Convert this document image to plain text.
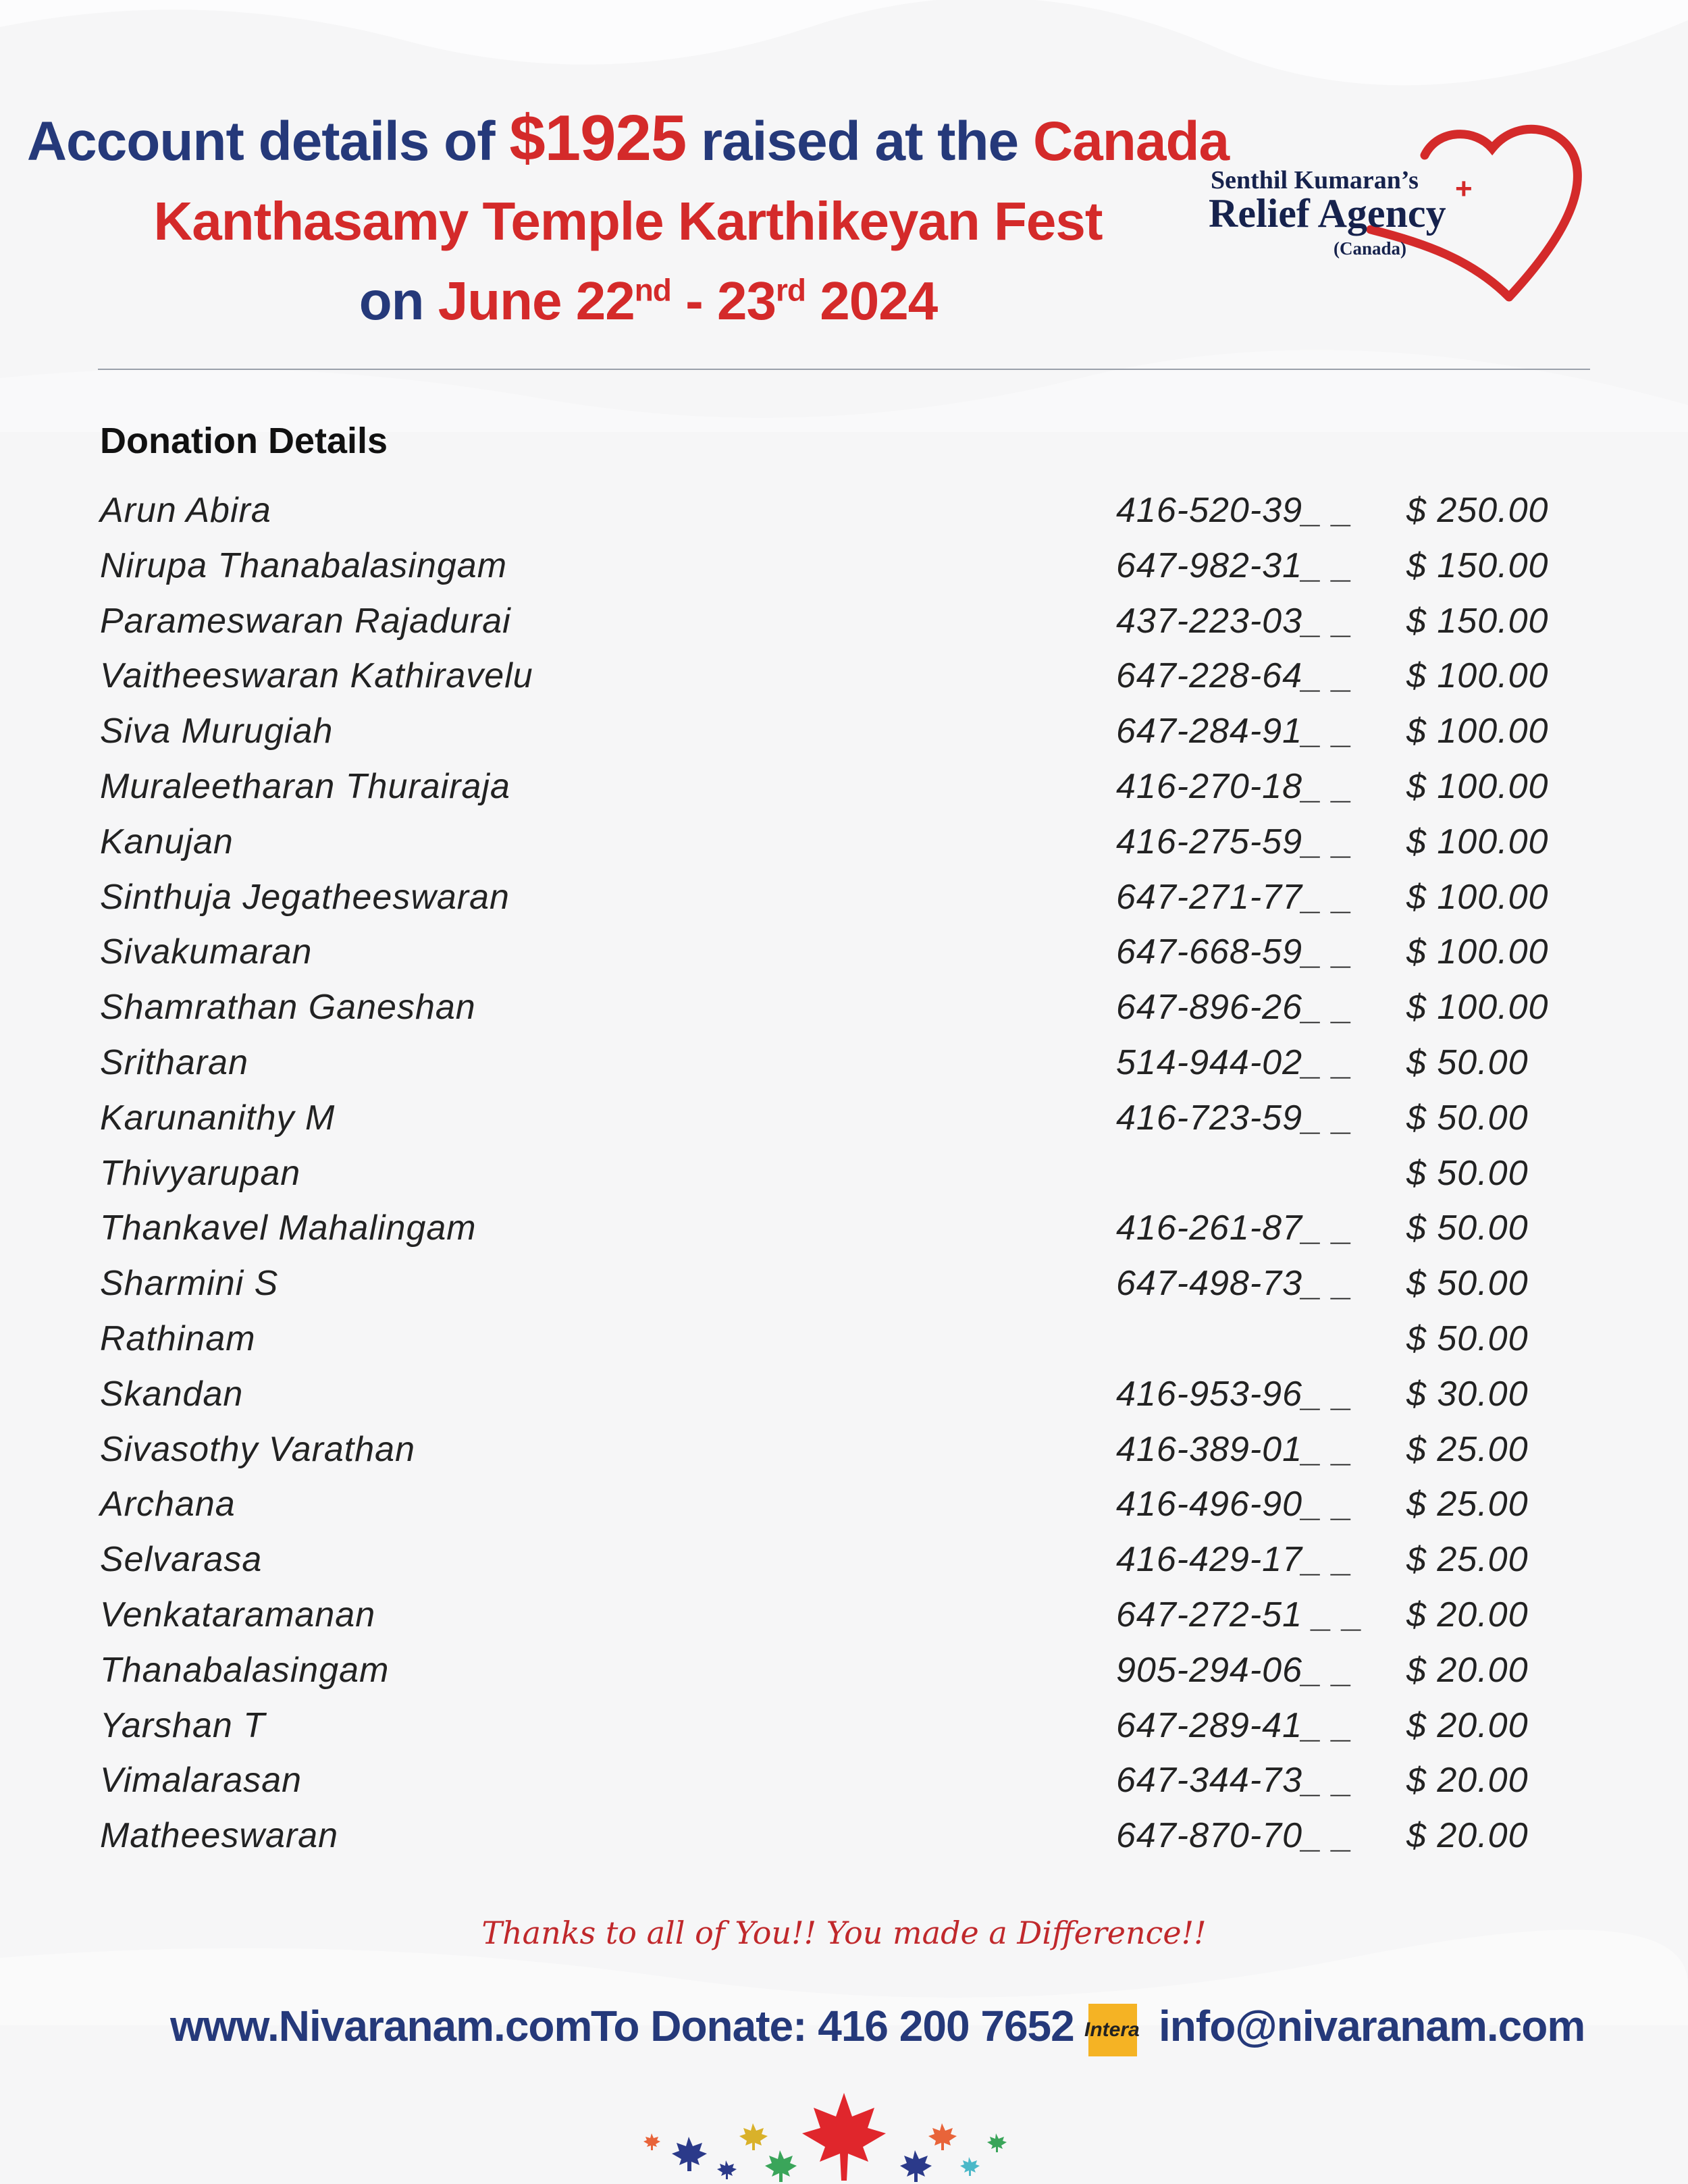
Account details of $1925 raised at the Canada
Kanthasamy Temple Karthikeyan Fest
on June 22nd - 23rd 2024
Senthil Kumaran’s +
Relief Agency
(Canada)
Donation Details
Arun Abira	416-520-39_ _ $ 250.00
Nirupa Thanabalasingam	647-982-31_ _ $ 150.00
Parameswaran Rajadurai	437-223-03_ _ $ 150.00
Vaitheeswaran Kathiravelu	647-228-64_ _ $ 100.00
Siva Murugiah	647-284-91_ _ $ 100.00
Muraleetharan Thurairaja	416-270-18_ _ $ 100.00
Kanujan	416-275-59_ _ $ 100.00
Sinthuja Jegatheeswaran	647-271-77_ _ $ 100.00
Sivakumaran	647-668-59_ _ $ 100.00
Shamrathan Ganeshan	647-896-26_ _ $ 100.00
Sritharan	514-944-02_ _ $ 50.00
Karunanithy M	416-723-59_ _ $ 50.00
Thivyarupan	$ 50.00
Thankavel Mahalingam	416-261-87_ _ $ 50.00
Sharmini S	647-498-73_ _ $ 50.00
Rathinam	$ 50.00
Skandan	416-953-96_ _ $ 30.00
Sivasothy Varathan	416-389-01_ _ $ 25.00
Archana	416-496-90_ _ $ 25.00
Selvarasa	416-429-17_ _ $ 25.00
Venkataramanan	647-272-51 _ _ $ 20.00
Thanabalasingam	905-294-06_ _ $ 20.00
Yarshan T	647-289-41_ _ $ 20.00
Vimalarasan	647-344-73_ _ $ 20.00
Matheeswaran	647-870-70_ _ $ 20.00
Thanks to all of You!! You made a Difference!!
www.Nivaranam.com
To Donate: 416 200 7652 Intera info@nivaranam.com
